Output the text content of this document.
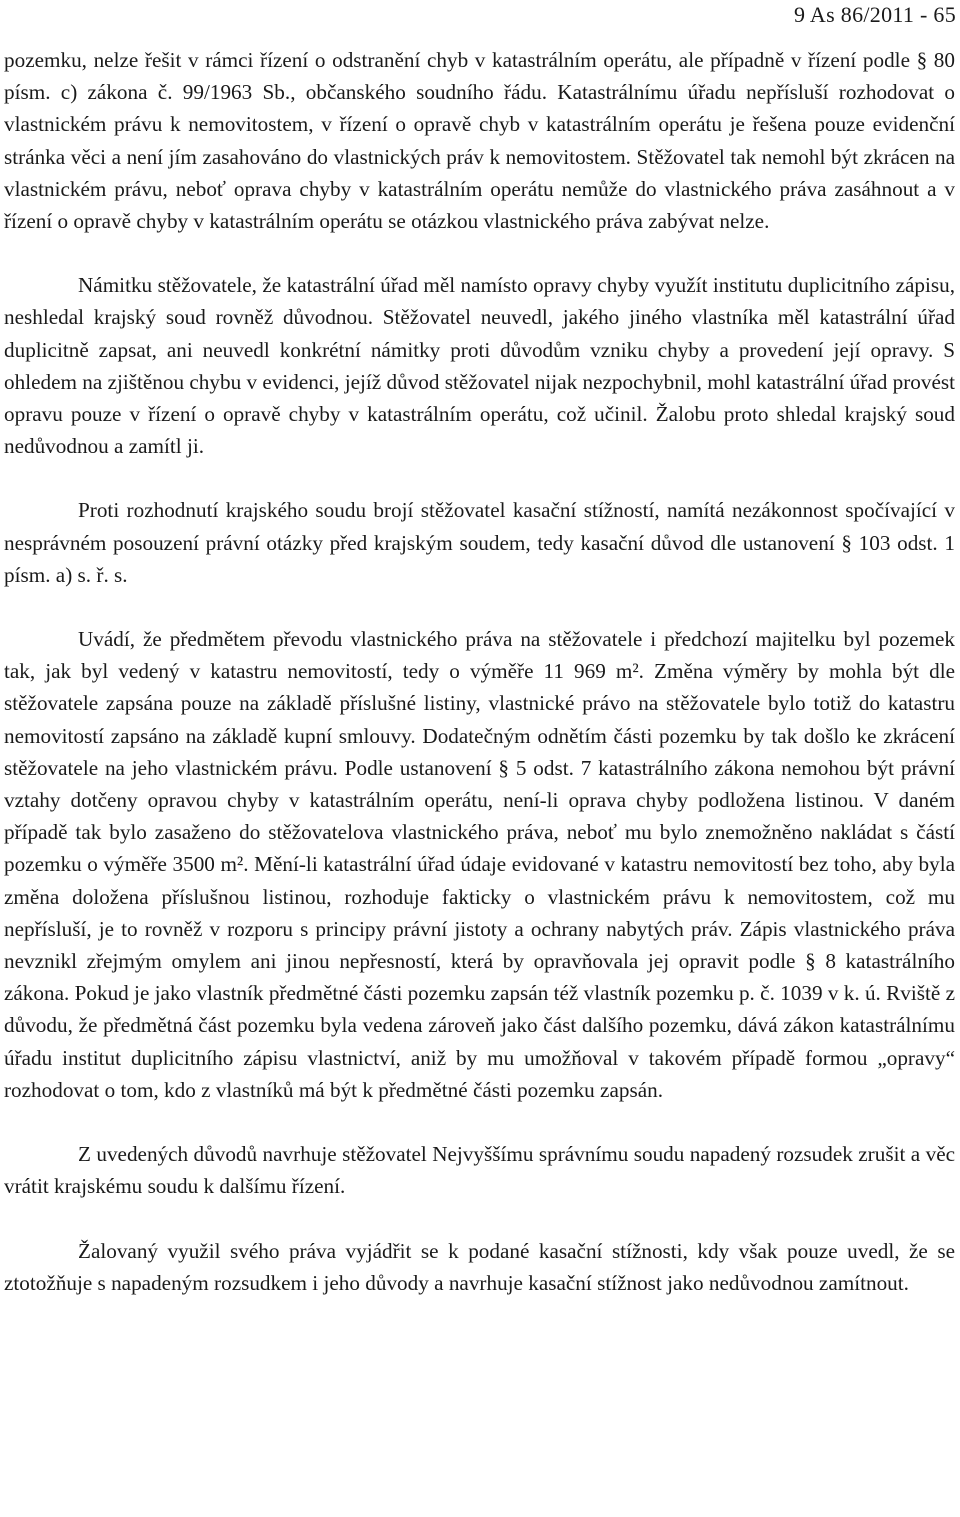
9 As 86/2011 - 65

pozemku, nelze řešit v rámci řízení o odstranění chyb v katastrálním operátu, ale případně v řízení podle § 80 písm. c) zákona č. 99/1963 Sb., občanského soudního řádu. Katastrálnímu úřadu nepřísluší rozhodovat o vlastnickém právu k nemovitostem, v řízení o opravě chyb v katastrálním operátu je řešena pouze evidenční stránka věci a není jím zasahováno do vlastnických práv k nemovitostem. Stěžovatel tak nemohl být zkrácen na vlastnickém právu, neboť oprava chyby v katastrálním operátu nemůže do vlastnického práva zasáhnout a v řízení o opravě chyby v katastrálním operátu se otázkou vlastnického práva zabývat nelze.

Námitku stěžovatele, že katastrální úřad měl namísto opravy chyby využít institutu duplicitního zápisu, neshledal krajský soud rovněž důvodnou. Stěžovatel neuvedl, jakého jiného vlastníka měl katastrální úřad duplicitně zapsat, ani neuvedl konkrétní námitky proti důvodům vzniku chyby a provedení její opravy. S ohledem na zjištěnou chybu v evidenci, jejíž důvod stěžovatel nijak nezpochybnil, mohl katastrální úřad provést opravu pouze v řízení o opravě chyby v katastrálním operátu, což učinil. Žalobu proto shledal krajský soud nedůvodnou a zamítl ji.

Proti rozhodnutí krajského soudu brojí stěžovatel kasační stížností, namítá nezákonnost spočívající v nesprávném posouzení právní otázky před krajským soudem, tedy kasační důvod dle ustanovení § 103 odst. 1 písm. a) s. ř. s.

Uvádí, že předmětem převodu vlastnického práva na stěžovatele i předchozí majitelku byl pozemek tak, jak byl vedený v katastru nemovitostí, tedy o výměře 11 969 m². Změna výměry by mohla být dle stěžovatele zapsána pouze na základě příslušné listiny, vlastnické právo na stěžovatele bylo totiž do katastru nemovitostí zapsáno na základě kupní smlouvy. Dodatečným odnětím části pozemku by tak došlo ke zkrácení stěžovatele na jeho vlastnickém právu. Podle ustanovení § 5 odst. 7 katastrálního zákona nemohou být právní vztahy dotčeny opravou chyby v katastrálním operátu, není-li oprava chyby podložena listinou. V daném případě tak bylo zasaženo do stěžovatelova vlastnického práva, neboť mu bylo znemožněno nakládat s částí pozemku o výměře 3500 m². Mění-li katastrální úřad údaje evidované v katastru nemovitostí bez toho, aby byla změna doložena příslušnou listinou, rozhoduje fakticky o vlastnickém právu k nemovitostem, což mu nepřísluší, je to rovněž v rozporu s principy právní jistoty a ochrany nabytých práv. Zápis vlastnického práva nevznikl zřejmým omylem ani jinou nepřesností, která by opravňovala jej opravit podle § 8 katastrálního zákona. Pokud je jako vlastník předmětné části pozemku zapsán též vlastník pozemku p. č. 1039 v k. ú. Rviště z důvodu, že předmětná část pozemku byla vedena zároveň jako část dalšího pozemku, dává zákon katastrálnímu úřadu institut duplicitního zápisu vlastnictví, aniž by mu umožňoval v takovém případě formou „opravy“ rozhodovat o tom, kdo z vlastníků má být k předmětné části pozemku zapsán.

Z uvedených důvodů navrhuje stěžovatel Nejvyššímu správnímu soudu napadený rozsudek zrušit a věc vrátit krajskému soudu k dalšímu řízení.

Žalovaný využil svého práva vyjádřit se k podané kasační stížnosti, kdy však pouze uvedl, že se ztotožňuje s napadeným rozsudkem i jeho důvody a navrhuje kasační stížnost jako nedůvodnou zamítnout.
